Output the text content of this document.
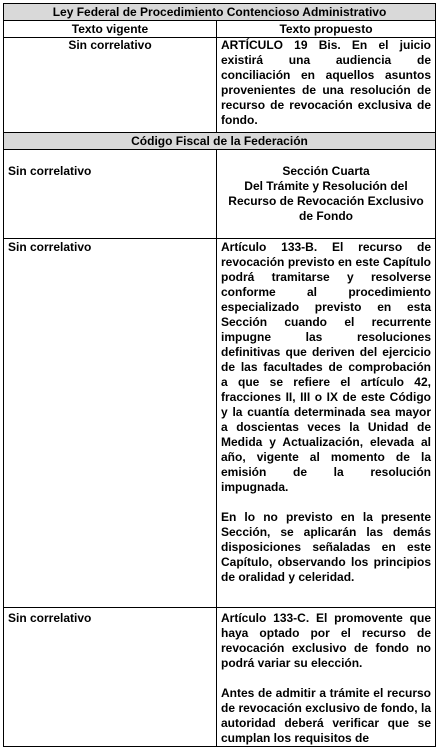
Ley Federal de Procedimiento Contencioso Administrativo	
Texto vigente	Texto propuesto
Sin correlativo	ARTÍCULO 19 Bis. En el juicio existirá una audiencia de conciliación en aquellos asuntos provenientes de una resolución de recurso de revocación exclusiva de fondo.
Código Fiscal de la Federación	
Sin correlativo	Sección Cuarta
Del Trámite y Resolución del
Recurso de Revocación Exclusivo
de Fondo

Sin correlativo	Artículo 133-B. El recurso de revocación previsto en este Capítulo podrá tramitarse y resolverse conforme al procedimiento especializado previsto en esta Sección cuando el recurrente impugne las resoluciones definitivas que deriven del ejercicio de las facultades de comprobación a que se refiere el artículo 42, fracciones II, III o IX de este Código y la cuantía determinada sea mayor a doscientas veces la Unidad de Medida y Actualización, elevada al año, vigente al momento de la emisión de la resolución impugnada.

En lo no previsto en la presente Sección, se aplicarán las demás disposiciones señaladas en este Capítulo, observando los principios de oralidad y celeridad.

Sin correlativo	Artículo 133-C. El promovente que haya optado por el recurso de revocación exclusivo de fondo no podrá variar su elección.

Antes de admitir a trámite el recurso de revocación exclusivo de fondo, la autoridad deberá verificar que se cumplan los requisitos de
